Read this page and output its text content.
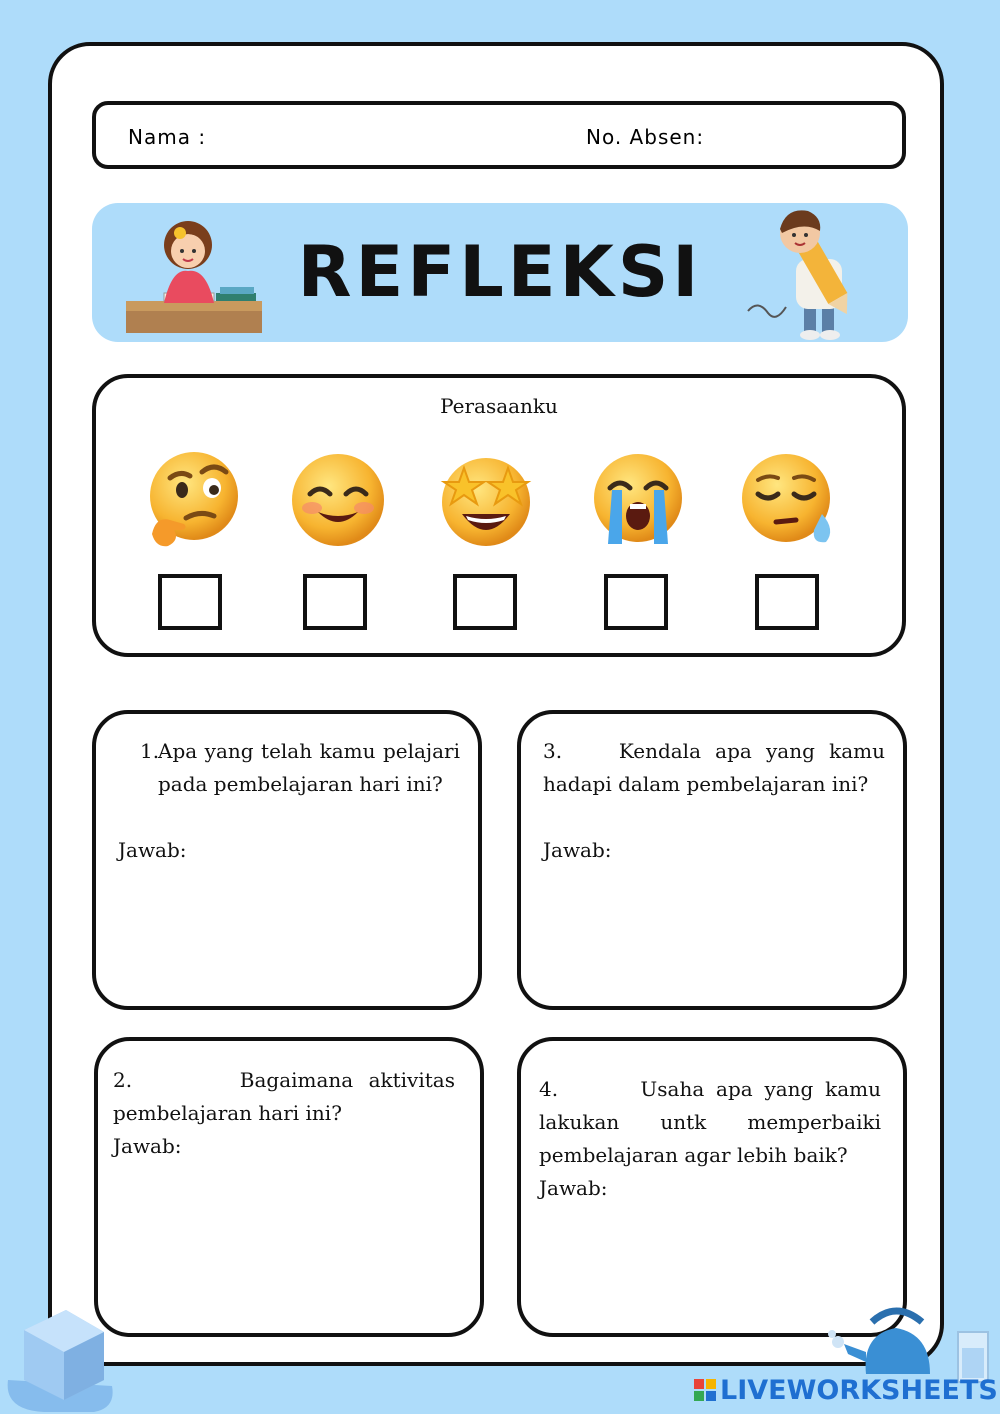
Nama :	No. Absen:
REFLEKSI
Perasaanku
1.
Apa yang telah kamu pelajari pada pembelajaran hari ini?
Jawab:
3.	Kendala apa yang kamu hadapi dalam pembelajaran ini?
Jawab:
2.	Bagaimana aktivitas pembelajaran hari ini?
Jawab:
4.	Usaha apa yang kamu lakukan untk memperbaiki pembelajaran agar lebih baik?
Jawab:
LIVEWORKSHEETS
